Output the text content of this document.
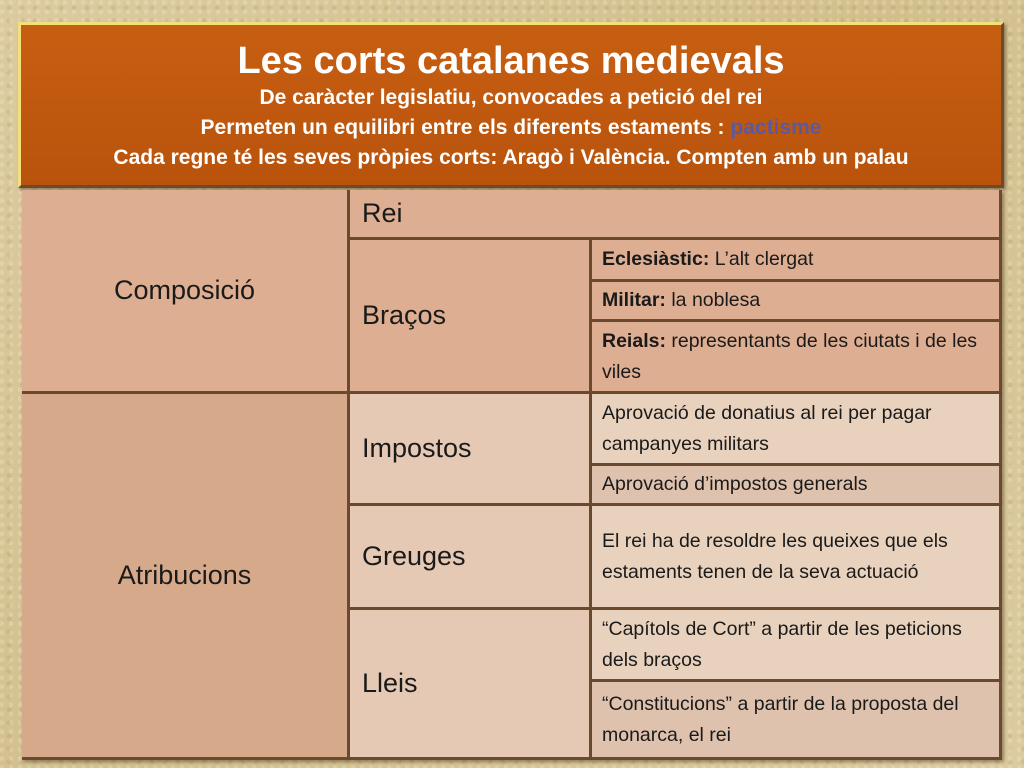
Les corts catalanes medievals
De caràcter legislatiu, convocades a petició del rei
Permeten un equilibri entre els diferents estaments : pactisme
Cada regne té les seves pròpies corts: Aragò i València. Compten amb un palau
Composició
Rei
Braços
Eclesiàstic: L’alt clergat
Militar: la noblesa
Reials: representants de les ciutats i de les viles
Atribucions
Impostos
Aprovació de donatius al rei per pagar campanyes militars
Aprovació d’impostos generals
Greuges
El rei ha de resoldre les queixes que els estaments tenen de la seva actuació
Lleis
“Capítols de Cort” a partir de les peticions dels braços
“Constitucions” a partir de la proposta del monarca, el rei
